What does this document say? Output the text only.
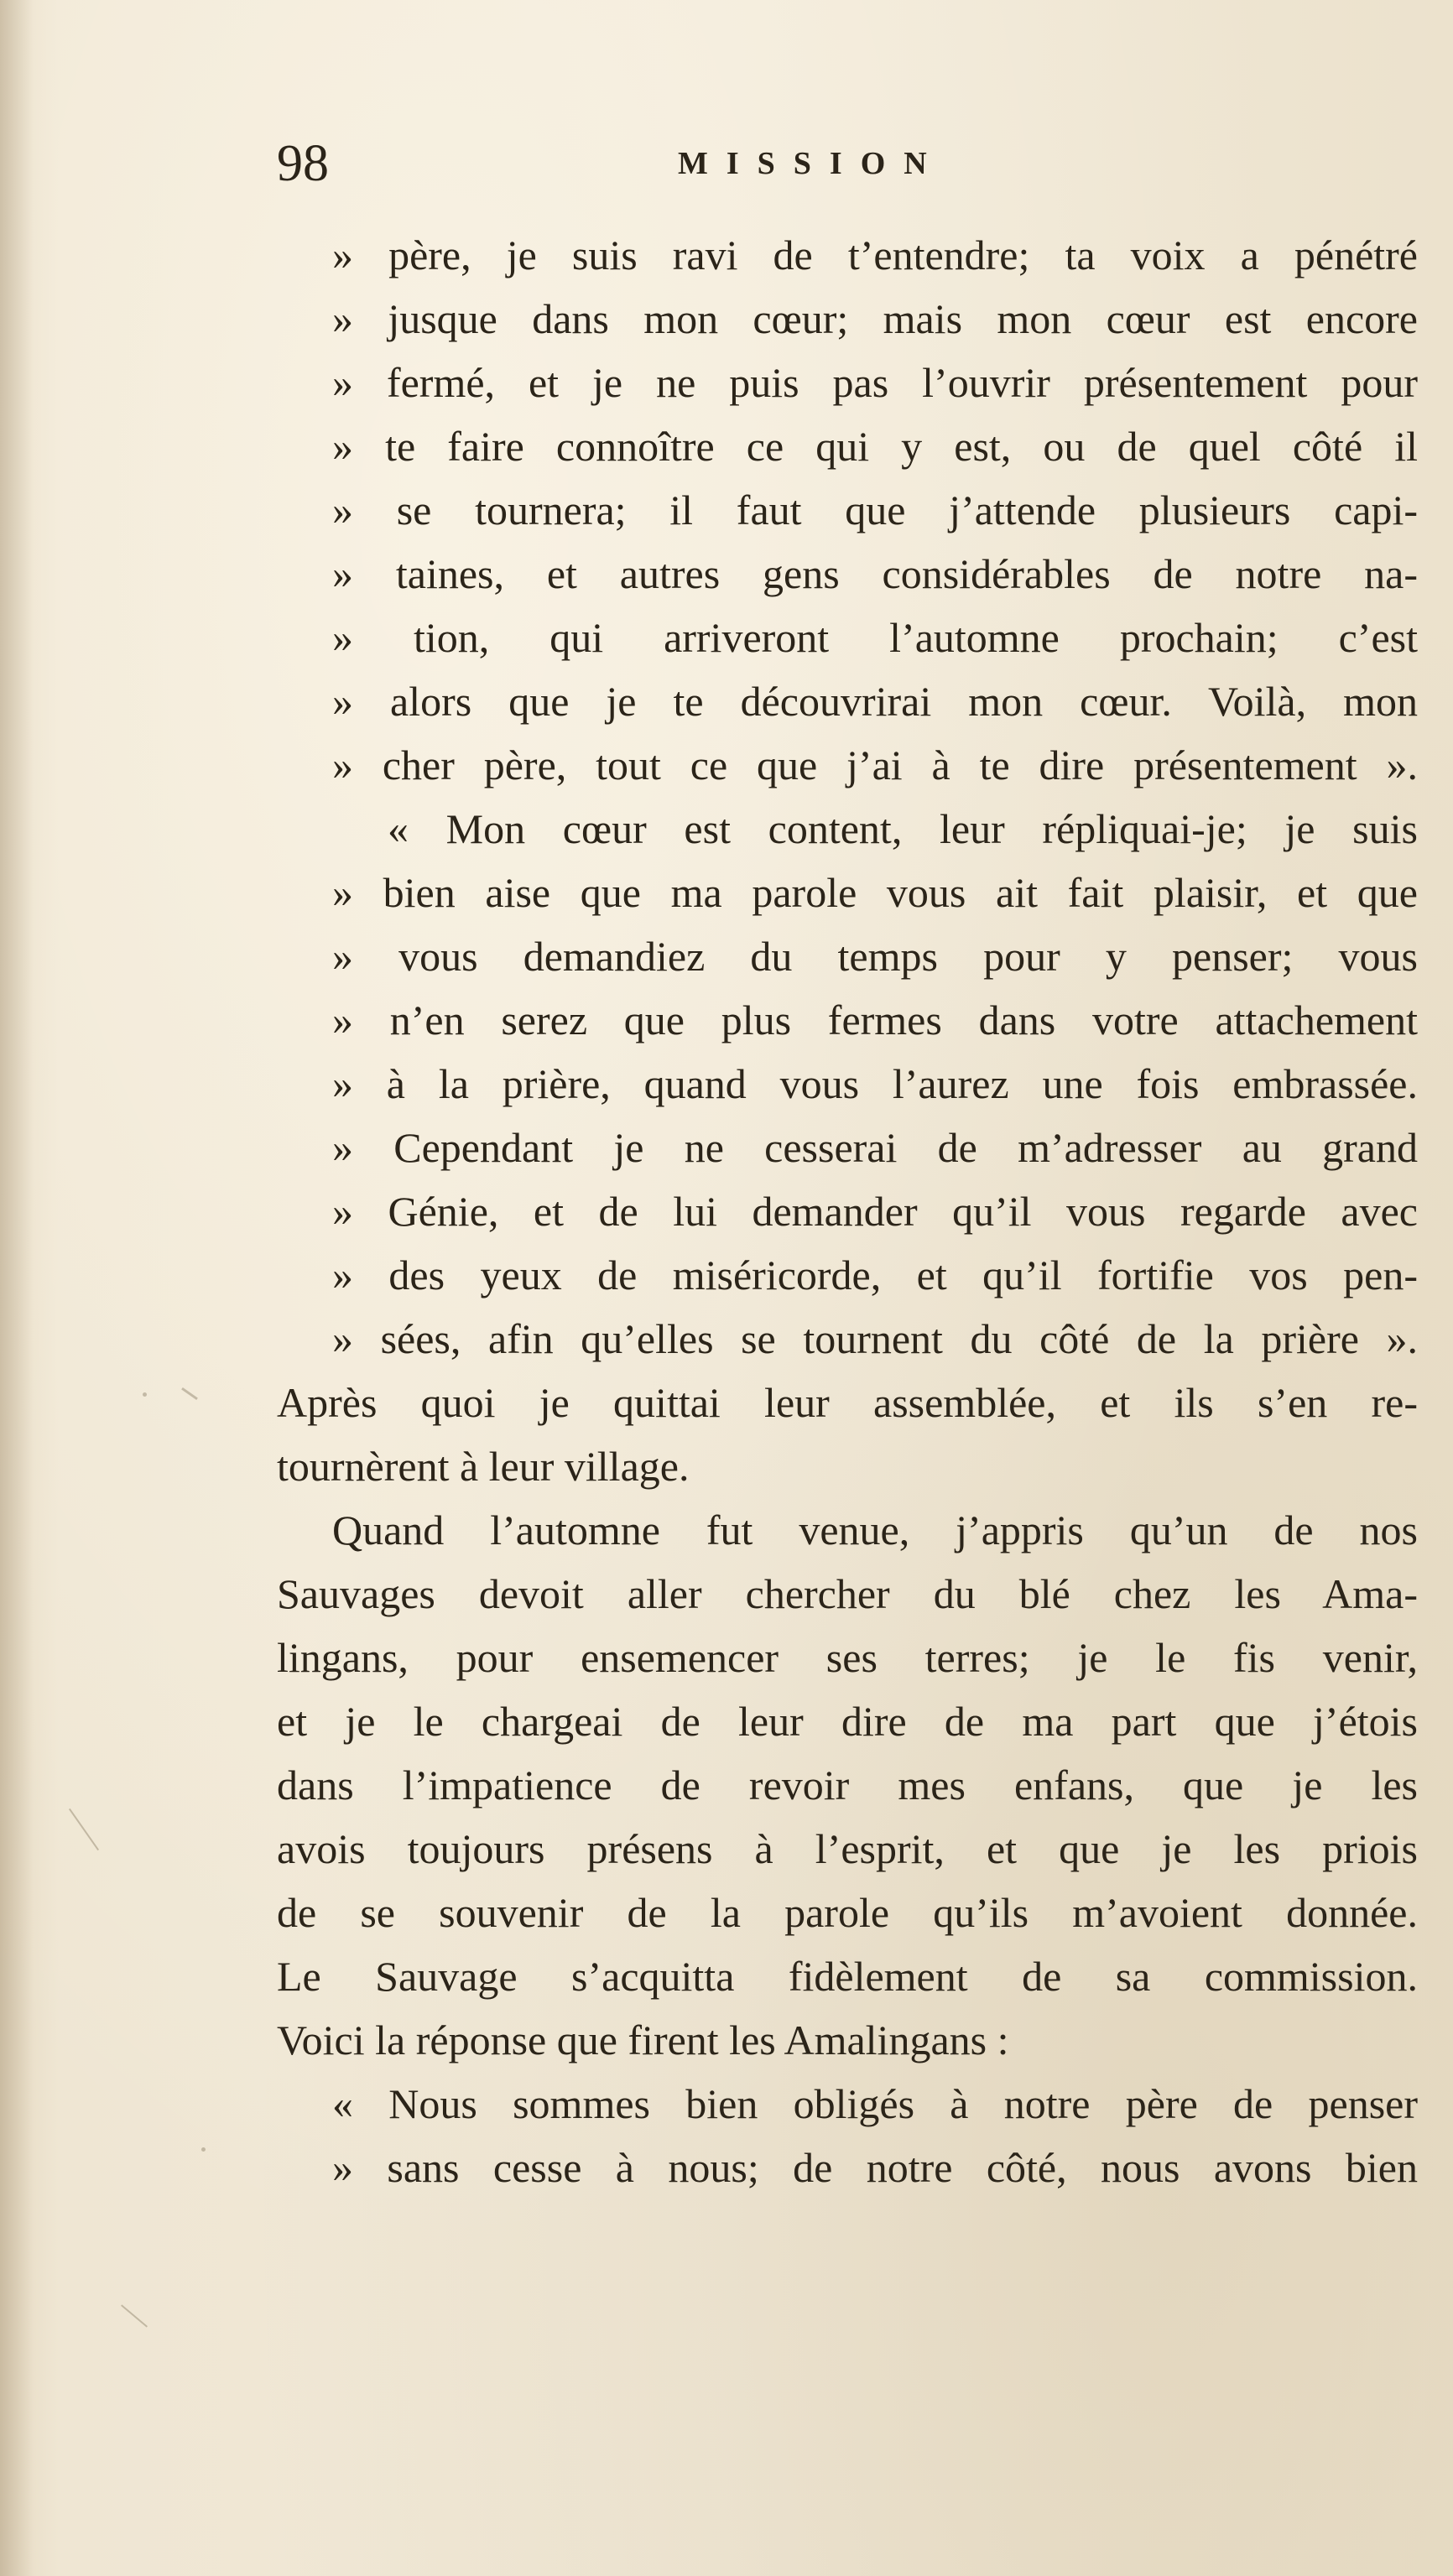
98	MISSION
» père, je suis ravi de t’entendre; ta voix a pénétré
» jusque dans mon cœur; mais mon cœur est encore
» fermé, et je ne puis pas l’ouvrir présentement pour
» te faire connoître ce qui y est, ou de quel côté il
» se tournera; il faut que j’attende plusieurs capi-
» taines, et autres gens considérables de notre na-
» tion, qui arriveront l’automne prochain; c’est
» alors que je te découvrirai mon cœur. Voilà, mon
» cher père, tout ce que j’ai à te dire présentement ».
« Mon cœur est content, leur répliquai-je; je suis
» bien aise que ma parole vous ait fait plaisir, et que
» vous demandiez du temps pour y penser; vous
» n’en serez que plus fermes dans votre attachement
» à la prière, quand vous l’aurez une fois embrassée.
» Cependant je ne cesserai de m’adresser au grand
» Génie, et de lui demander qu’il vous regarde avec
» des yeux de miséricorde, et qu’il fortifie vos pen-
» sées, afin qu’elles se tournent du côté de la prière ».
Après quoi je quittai leur assemblée, et ils s’en re-
tournèrent à leur village.
Quand l’automne fut venue, j’appris qu’un de nos
Sauvages devoit aller chercher du blé chez les Ama-
lingans, pour ensemencer ses terres; je le fis venir,
et je le chargeai de leur dire de ma part que j’étois
dans l’impatience de revoir mes enfans, que je les
avois toujours présens à l’esprit, et que je les priois
de se souvenir de la parole qu’ils m’avoient donnée.
Le Sauvage s’acquitta fidèlement de sa commission.
Voici la réponse que firent les Amalingans :
« Nous sommes bien obligés à notre père de penser
» sans cesse à nous; de notre côté, nous avons bien
